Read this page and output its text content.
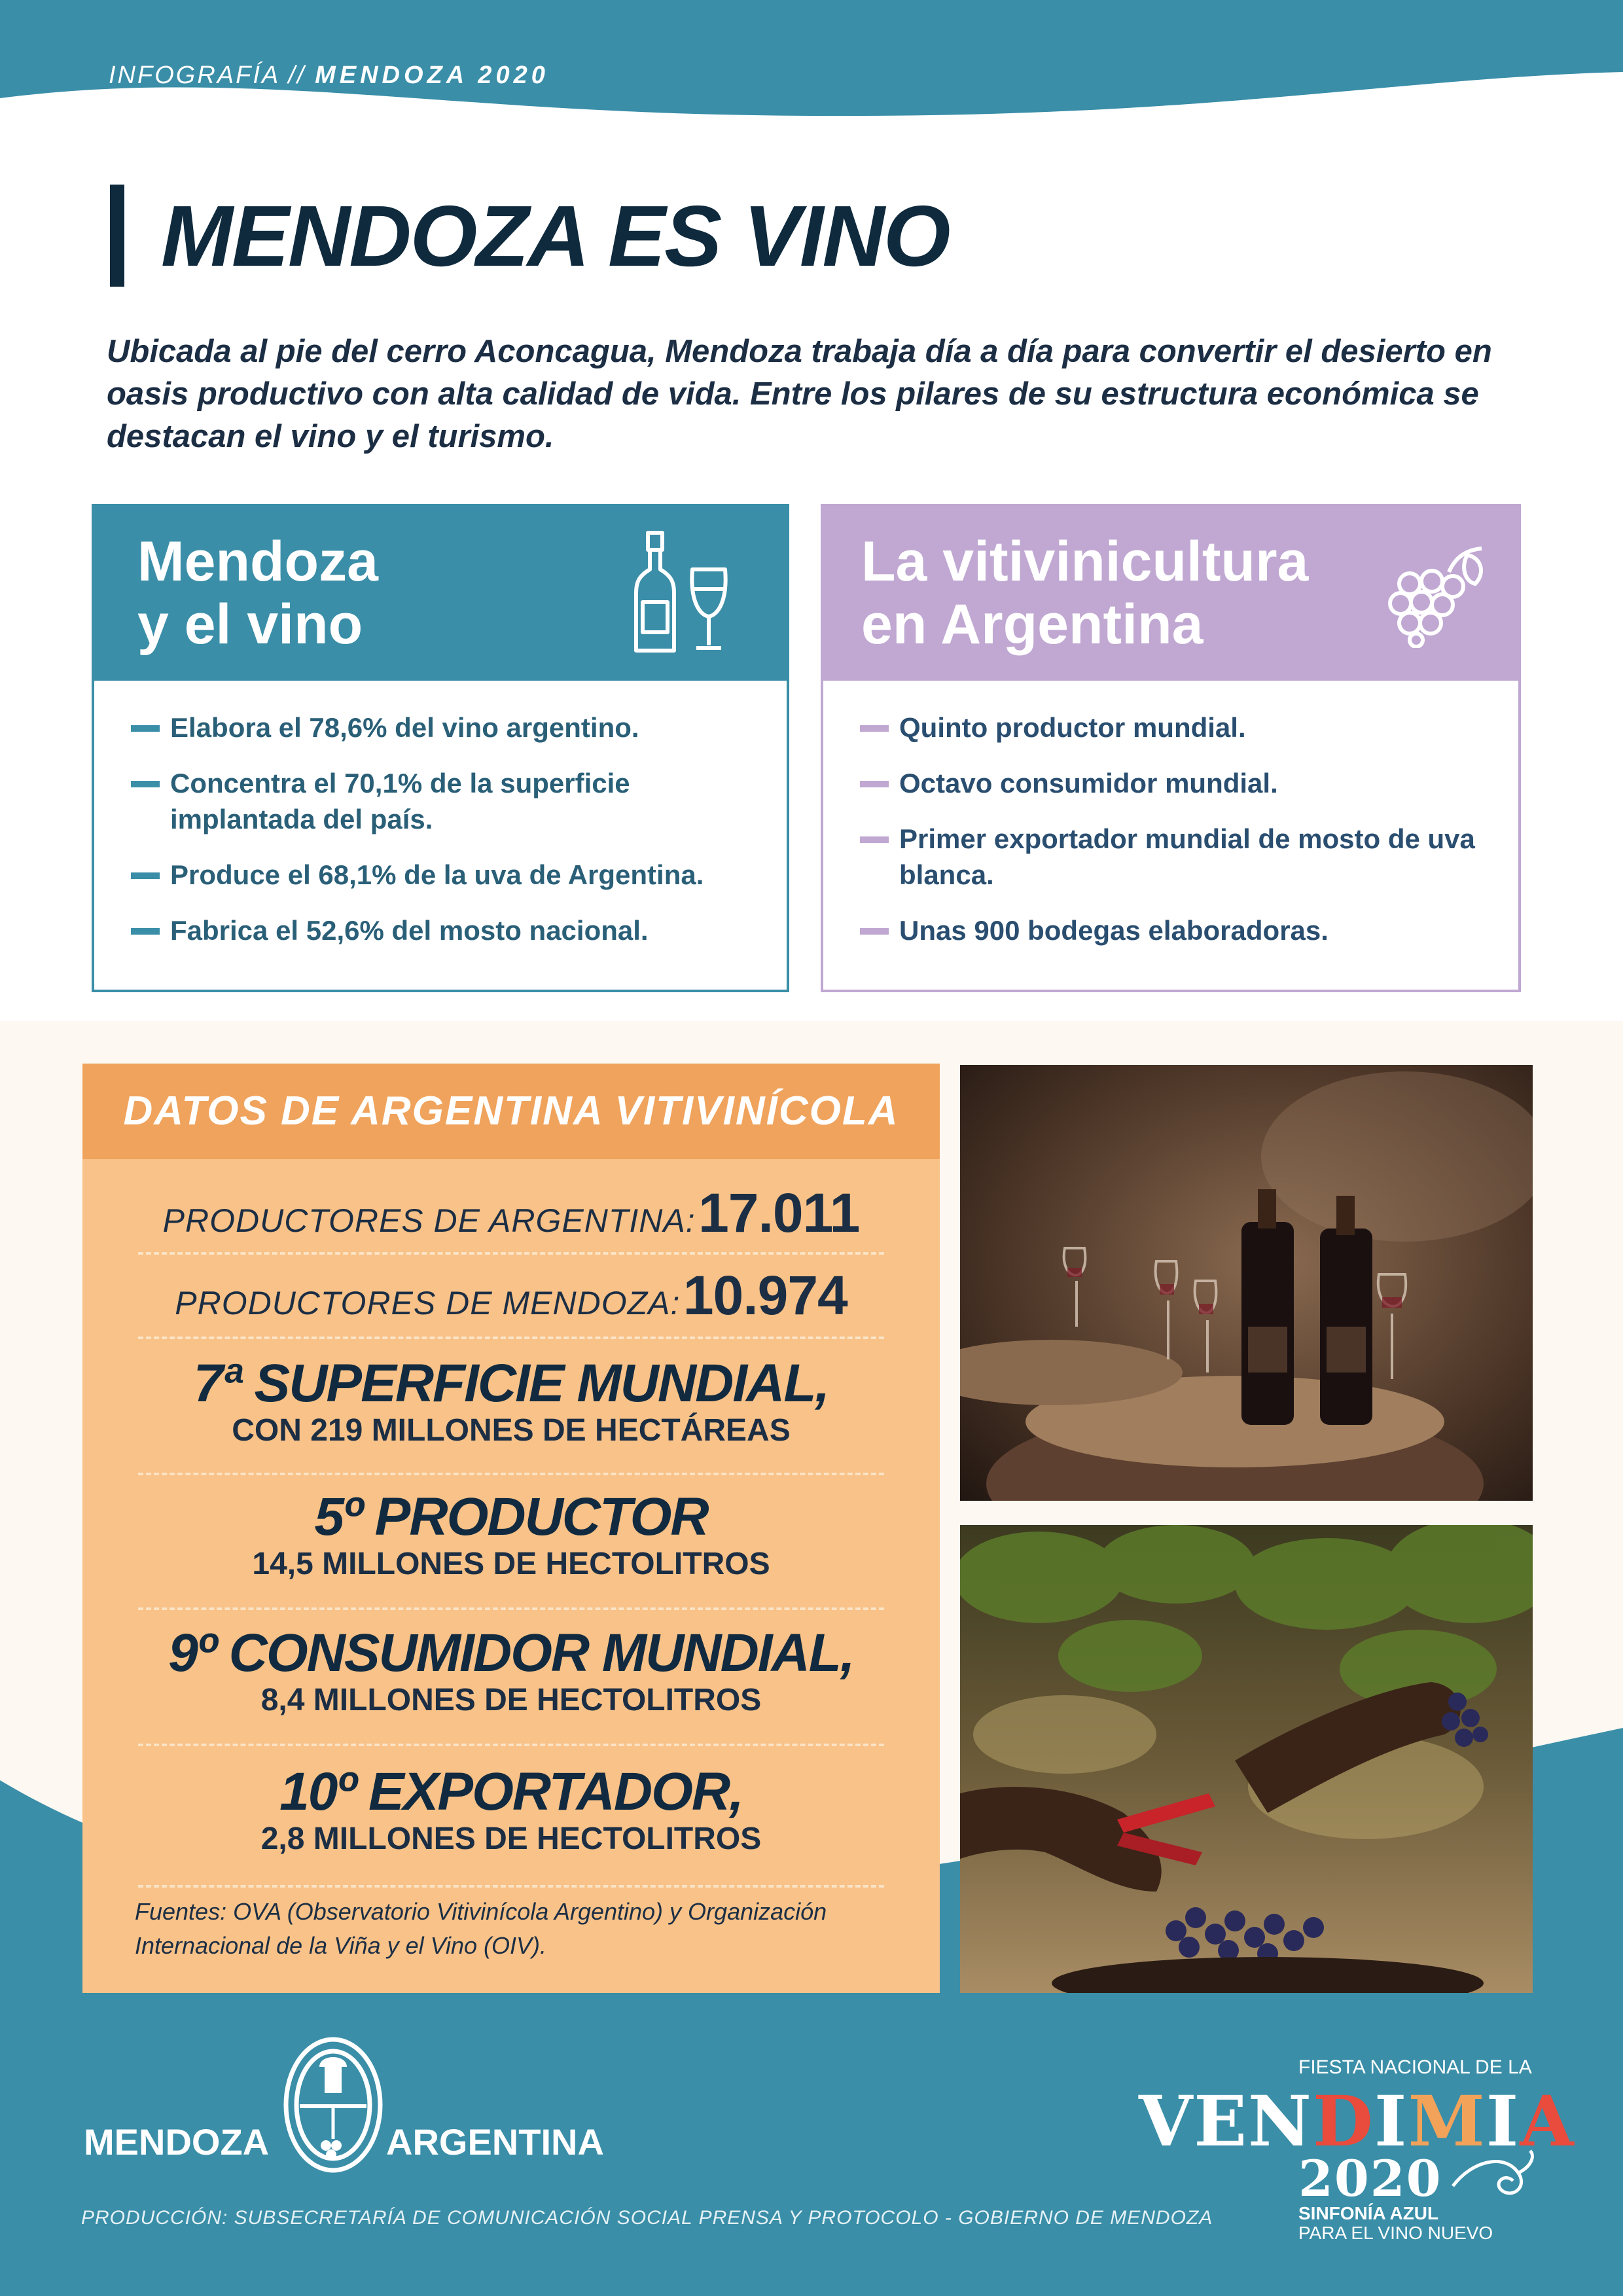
INFOGRAFÍA // MENDOZA 2020
MENDOZA ES VINO

Ubicada al pie del cerro Aconcagua, Mendoza trabaja día a día para convertir el desierto en oasis productivo con alta calidad de vida. Entre los pilares de su estructura económica se destacan el vino y el turismo.

Mendoza
y el vino
Elabora el 78,6% del vino argentino.
Concentra el 70,1% de la superficie implantada del país.
Produce el 68,1% de la uva de Argentina.
Fabrica el 52,6% del mosto nacional.
La vitivinicultura
en Argentina
Quinto productor mundial.
Octavo consumidor mundial.
Primer exportador mundial de mosto de uva blanca.
Unas 900 bodegas elaboradoras.
DATOS DE ARGENTINA VITIVINÍCOLA
PRODUCTORES DE ARGENTINA: 17.011
PRODUCTORES DE MENDOZA: 10.974
7ª SUPERFICIE MUNDIAL,
CON 219 MILLONES DE HECTÁREAS
5º PRODUCTOR
14,5 MILLONES DE HECTOLITROS
9º CONSUMIDOR MUNDIAL,
8,4 MILLONES DE HECTOLITROS
10º EXPORTADOR,
2,8 MILLONES DE HECTOLITROS
Fuentes: OVA (Observatorio Vitivinícola Argentino) y Organización
Internacional de la Viña y el Vino (OIV).
MENDOZA	ARGENTINA
PRODUCCIÓN: SUBSECRETARÍA DE COMUNICACIÓN SOCIAL PRENSA Y PROTOCOLO - GOBIERNO DE MENDOZA
FIESTA NACIONAL DE LA
VENDIMIA
2020
SINFONÍA AZUL
PARA EL VINO NUEVO
